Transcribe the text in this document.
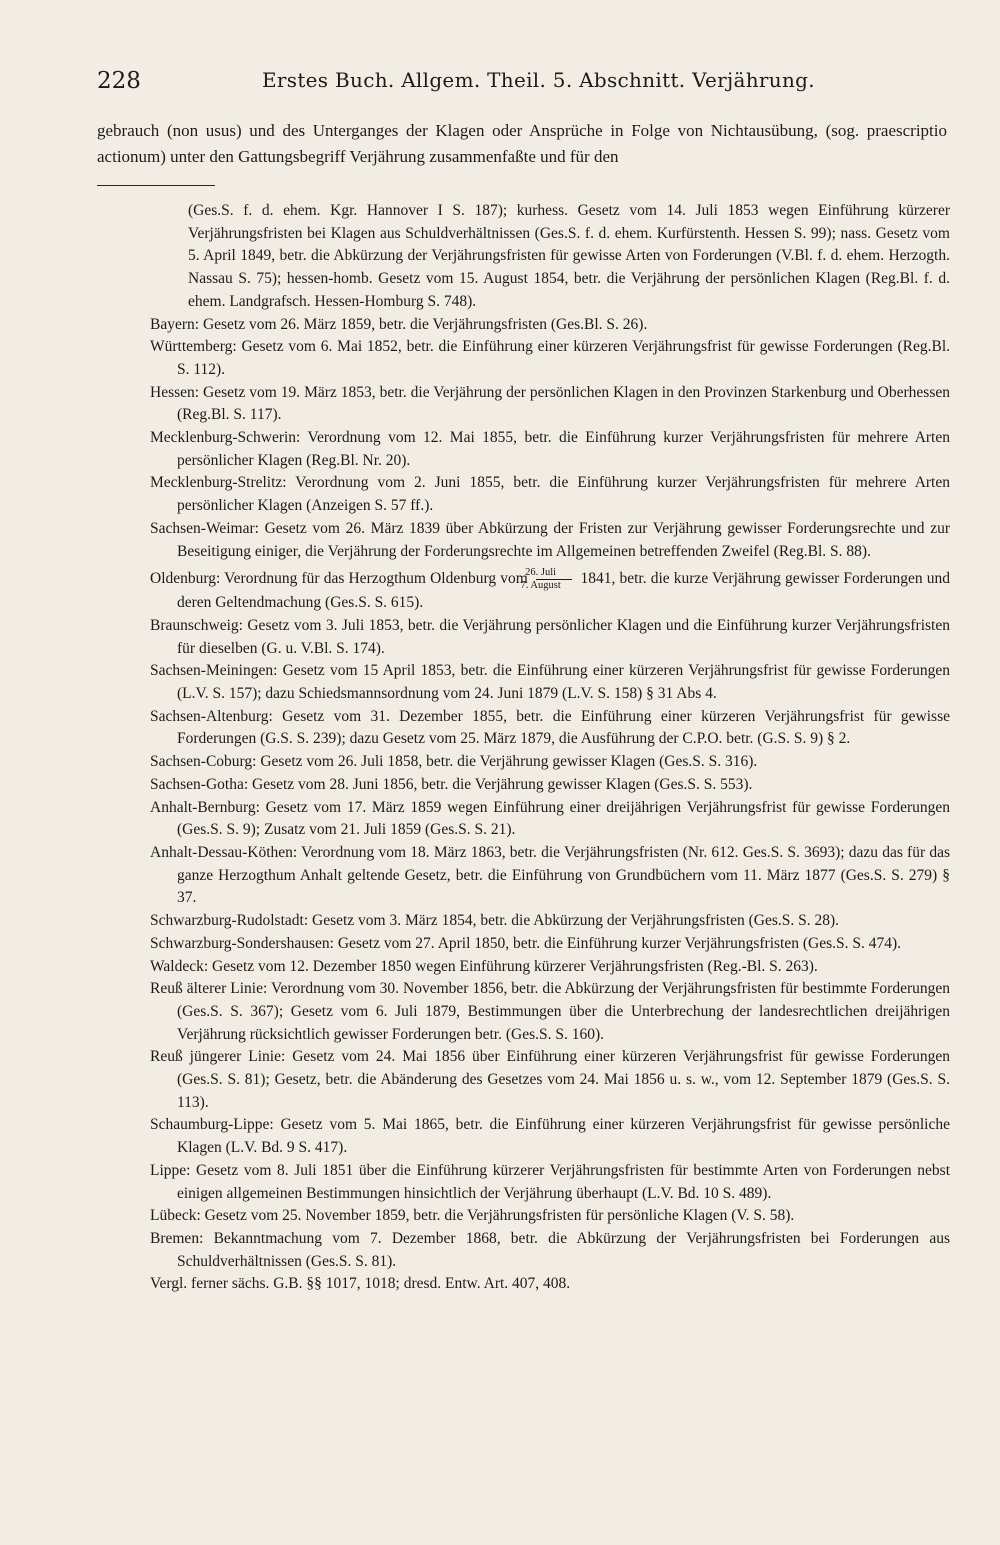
228	Erstes Buch. Allgem. Theil. 5. Abschnitt. Verjährung.

gebrauch (non usus) und des Unterganges der Klagen oder Ansprüche in Folge von Nichtausübung, (sog. praescriptio actionum) unter den Gattungsbegriff Verjährung zusammenfaßte und für den

(Ges.S. f. d. ehem. Kgr. Hannover I S. 187); kurhess. Gesetz vom 14. Juli 1853 wegen Einführung kürzerer Verjährungsfristen bei Klagen aus Schuldverhältnissen (Ges.S. f. d. ehem. Kurfürstenth. Hessen S. 99); nass. Gesetz vom 5. April 1849, betr. die Abkürzung der Verjährungsfristen für gewisse Arten von Forderungen (V.Bl. f. d. ehem. Herzogth. Nassau S. 75); hessen-homb. Gesetz vom 15. August 1854, betr. die Verjährung der persönlichen Klagen (Reg.Bl. f. d. ehem. Landgrafsch. Hessen-Homburg S. 748).

Bayern: Gesetz vom 26. März 1859, betr. die Verjährungsfristen (Ges.Bl. S. 26).

Württemberg: Gesetz vom 6. Mai 1852, betr. die Einführung einer kürzeren Verjährungsfrist für gewisse Forderungen (Reg.Bl. S. 112).

Hessen: Gesetz vom 19. März 1853, betr. die Verjährung der persönlichen Klagen in den Provinzen Starkenburg und Oberhessen (Reg.Bl. S. 117).

Mecklenburg-Schwerin: Verordnung vom 12. Mai 1855, betr. die Einführung kurzer Verjährungsfristen für mehrere Arten persönlicher Klagen (Reg.Bl. Nr. 20).

Mecklenburg-Strelitz: Verordnung vom 2. Juni 1855, betr. die Einführung kurzer Verjährungsfristen für mehrere Arten persönlicher Klagen (Anzeigen S. 57 ff.).

Sachsen-Weimar: Gesetz vom 26. März 1839 über Abkürzung der Fristen zur Verjährung gewisser Forderungsrechte und zur Beseitigung einiger, die Verjährung der Forderungsrechte im Allgemeinen betreffenden Zweifel (Reg.Bl. S. 88).

Oldenburg: Verordnung für das Herzogthum Oldenburg vom $\frac{\text{26. Juli}}{\text{7. August}} 1841$, betr. die kurze Verjährung gewisser Forderungen und deren Geltendmachung (Ges.S. S. 615).

Braunschweig: Gesetz vom 3. Juli 1853, betr. die Verjährung persönlicher Klagen und die Einführung kurzer Verjährungsfristen für dieselben (G. u. V.Bl. S. 174).

Sachsen-Meiningen: Gesetz vom 15 April 1853, betr. die Einführung einer kürzeren Verjährungsfrist für gewisse Forderungen (L.V. S. 157); dazu Schiedsmannsordnung vom 24. Juni 1879 (L.V. S. 158) § 31 Abs 4.

Sachsen-Altenburg: Gesetz vom 31. Dezember 1855, betr. die Einführung einer kürzeren Verjährungsfrist für gewisse Forderungen (G.S. S. 239); dazu Gesetz vom 25. März 1879, die Ausführung der C.P.O. betr. (G.S. S. 9) § 2.

Sachsen-Coburg: Gesetz vom 26. Juli 1858, betr. die Verjährung gewisser Klagen (Ges.S. S. 316).

Sachsen-Gotha: Gesetz vom 28. Juni 1856, betr. die Verjährung gewisser Klagen (Ges.S. S. 553).

Anhalt-Bernburg: Gesetz vom 17. März 1859 wegen Einführung einer dreijährigen Verjährungsfrist für gewisse Forderungen (Ges.S. S. 9); Zusatz vom 21. Juli 1859 (Ges.S. S. 21).

Anhalt-Dessau-Köthen: Verordnung vom 18. März 1863, betr. die Verjährungsfristen (Nr. 612. Ges.S. S. 3693); dazu das für das ganze Herzogthum Anhalt geltende Gesetz, betr. die Einführung von Grundbüchern vom 11. März 1877 (Ges.S. S. 279) § 37.

Schwarzburg-Rudolstadt: Gesetz vom 3. März 1854, betr. die Abkürzung der Verjährungsfristen (Ges.S. S. 28).

Schwarzburg-Sondershausen: Gesetz vom 27. April 1850, betr. die Einführung kurzer Verjährungsfristen (Ges.S. S. 474).

Waldeck: Gesetz vom 12. Dezember 1850 wegen Einführung kürzerer Verjährungsfristen (Reg.-Bl. S. 263).

Reuß älterer Linie: Verordnung vom 30. November 1856, betr. die Abkürzung der Verjährungsfristen für bestimmte Forderungen (Ges.S. S. 367); Gesetz vom 6. Juli 1879, Bestimmungen über die Unterbrechung der landesrechtlichen dreijährigen Verjährung rücksichtlich gewisser Forderungen betr. (Ges.S. S. 160).

Reuß jüngerer Linie: Gesetz vom 24. Mai 1856 über Einführung einer kürzeren Verjährungsfrist für gewisse Forderungen (Ges.S. S. 81); Gesetz, betr. die Abänderung des Gesetzes vom 24. Mai 1856 u. s. w., vom 12. September 1879 (Ges.S. S. 113).

Schaumburg-Lippe: Gesetz vom 5. Mai 1865, betr. die Einführung einer kürzeren Verjährungsfrist für gewisse persönliche Klagen (L.V. Bd. 9 S. 417).

Lippe: Gesetz vom 8. Juli 1851 über die Einführung kürzerer Verjährungsfristen für bestimmte Arten von Forderungen nebst einigen allgemeinen Bestimmungen hinsichtlich der Verjährung überhaupt (L.V. Bd. 10 S. 489).

Lübeck: Gesetz vom 25. November 1859, betr. die Verjährungsfristen für persönliche Klagen (V. S. 58).

Bremen: Bekanntmachung vom 7. Dezember 1868, betr. die Abkürzung der Verjährungsfristen bei Forderungen aus Schuldverhältnissen (Ges.S. S. 81).

Vergl. ferner sächs. G.B. §§ 1017, 1018; dresd. Entw. Art. 407, 408.
